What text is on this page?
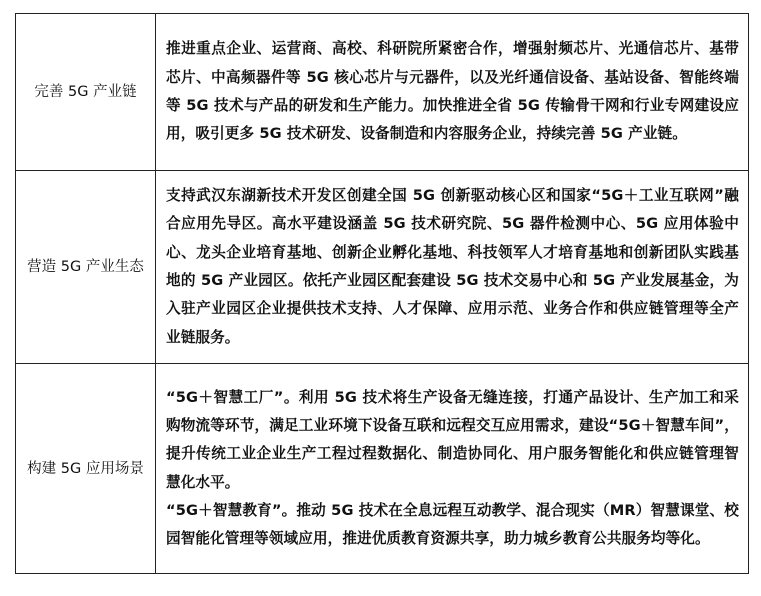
完善 5G 产业链	推进重点企业、运营商、高校、科研院所紧密合作，增强射频芯片、光通信芯片、基带芯片、中高频器件等 5G 核心芯片与元器件，以及光纤通信设备、基站设备、智能终端等 5G 技术与产品的研发和生产能力。加快推进全省 5G 传输骨干网和行业专网建设应用，吸引更多 5G 技术研发、设备制造和内容服务企业，持续完善 5G 产业链。

营造 5G 产业生态	支持武汉东湖新技术开发区创建全国 5G 创新驱动核心区和国家“5G＋工业互联网”融合应用先导区。高水平建设涵盖 5G 技术研究院、5G 器件检测中心、5G 应用体验中心、龙头企业培育基地、创新企业孵化基地、科技领军人才培育基地和创新团队实践基地的 5G 产业园区。依托产业园区配套建设 5G 技术交易中心和 5G 产业发展基金，为入驻产业园区企业提供技术支持、人才保障、应用示范、业务合作和供应链管理等全产业链服务。

构建 5G 应用场景	“5G＋智慧工厂”。利用 5G 技术将生产设备无缝连接，打通产品设计、生产加工和采购物流等环节，满足工业环境下设备互联和远程交互应用需求，建设“5G＋智慧车间”，提升传统工业企业生产工程过程数据化、制造协同化、用户服务智能化和供应链管理智慧化水平。
“5G＋智慧教育”。推动 5G 技术在全息远程互动教学、混合现实（MR）智慧课堂、校园智能化管理等领域应用，推进优质教育资源共享，助力城乡教育公共服务均等化。
